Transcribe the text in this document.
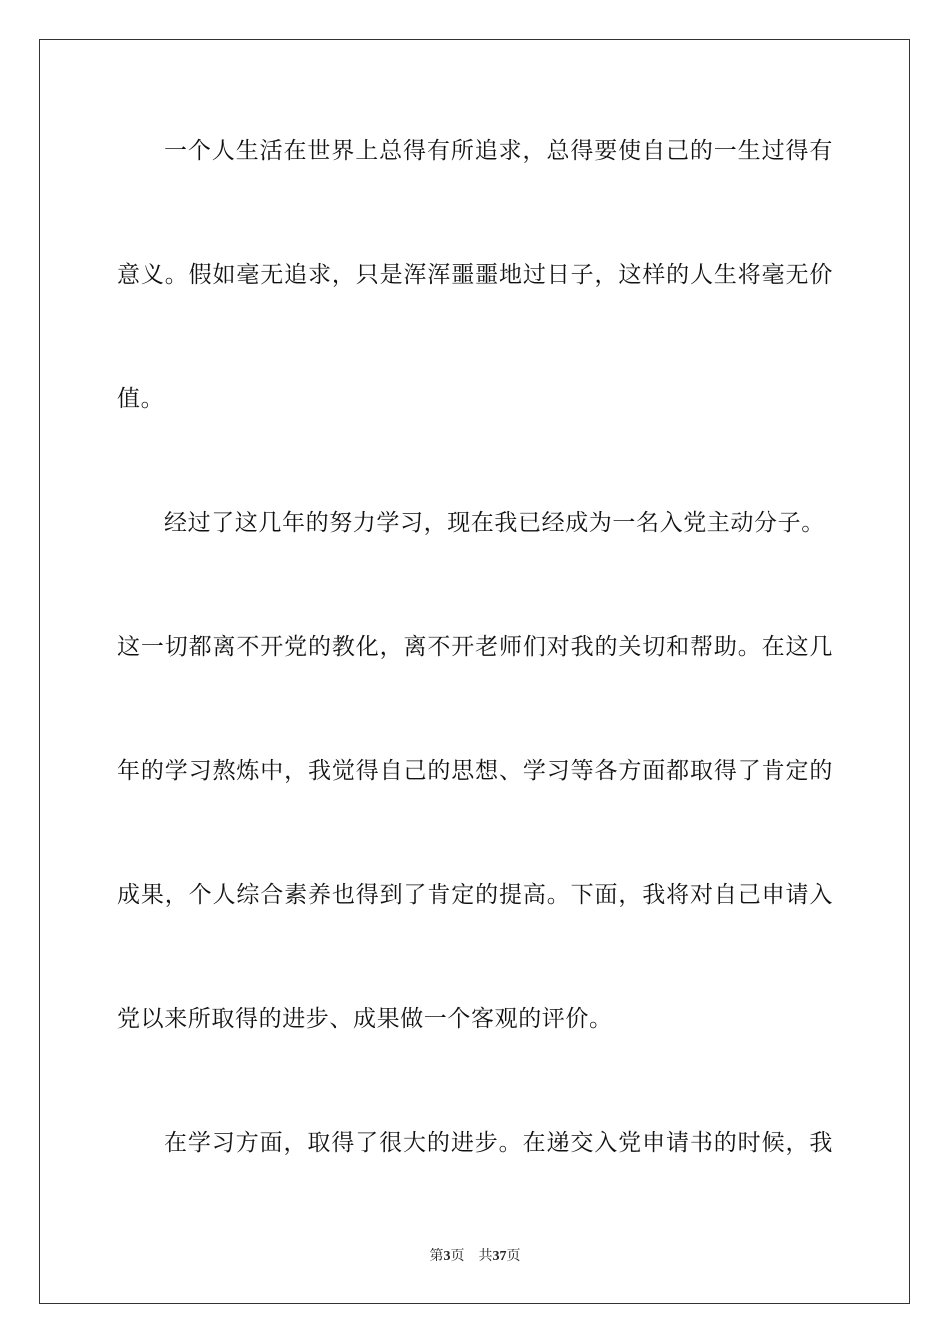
一个人生活在世界上总得有所追求，总得要使自己的一生过得有
意义。假如毫无追求，只是浑浑噩噩地过日子，这样的人生将毫无价
值。
经过了这几年的努力学习，现在我已经成为一名入党主动分子。
这一切都离不开党的教化，离不开老师们对我的关切和帮助。在这几
年的学习熬炼中，我觉得自己的思想、学习等各方面都取得了肯定的
成果，个人综合素养也得到了肯定的提高。下面，我将对自己申请入
党以来所取得的进步、成果做一个客观的评价。
在学习方面，取得了很大的进步。在递交入党申请书的时候，我
第3页 共37页
